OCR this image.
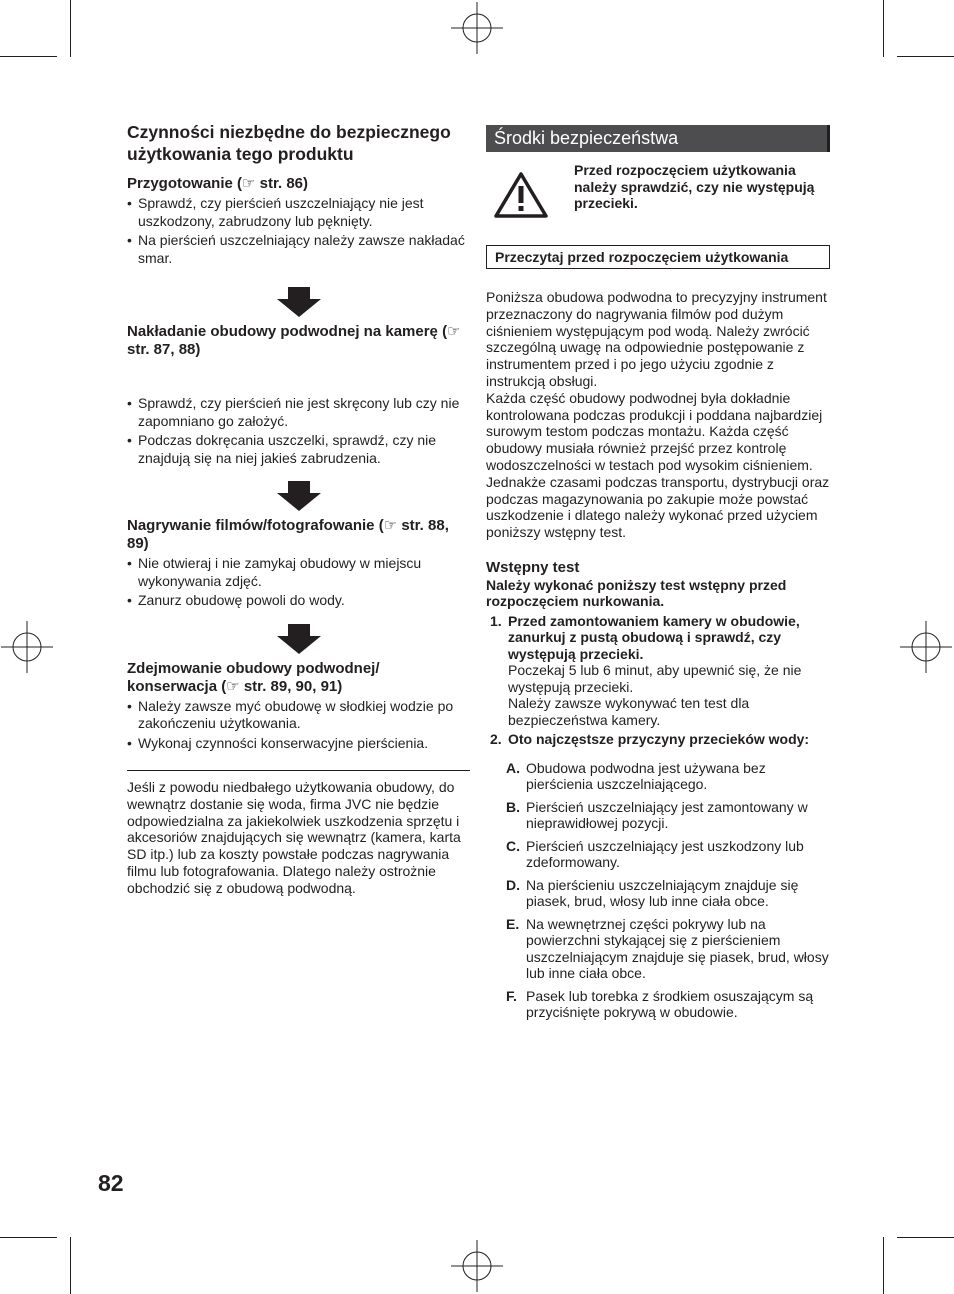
Czynności niezbędne do bezpiecznego użytkowania tego produktu
Przygotowanie (☞ str. 86)
• Sprawdź, czy pierścień uszczelniający nie jest uszkodzony, zabrudzony lub pęknięty.
• Na pierścień uszczelniający należy zawsze nakładać smar.
Nakładanie obudowy podwodnej na kamerę (☞ str. 87, 88)
• Sprawdź, czy pierścień nie jest skręcony lub czy nie zapomniano go założyć.
• Podczas dokręcania uszczelki, sprawdź, czy nie znajdują się na niej jakieś zabrudzenia.
Nagrywanie filmów/fotografowanie (☞ str. 88, 89)
• Nie otwieraj i nie zamykaj obudowy w miejscu wykonywania zdjęć.
• Zanurz obudowę powoli do wody.
Zdejmowanie obudowy podwodnej/ konserwacja (☞ str. 89, 90, 91)
• Należy zawsze myć obudowę w słodkiej wodzie po zakończeniu użytkowania.
• Wykonaj czynności konserwacyjne pierścienia.
Jeśli z powodu niedbałego użytkowania obudowy, do wewnątrz dostanie się woda, firma JVC nie będzie odpowiedzialna za jakiekolwiek uszkodzenia sprzętu i akcesoriów znajdujących się wewnątrz (kamera, karta SD itp.) lub za koszty powstałe podczas nagrywania filmu lub fotografowania. Dlatego należy ostrożnie obchodzić się z obudową podwodną.
Środki bezpieczeństwa
Przed rozpoczęciem użytkowania należy sprawdzić, czy nie występują przecieki.
Przeczytaj przed rozpoczęciem użytkowania
Poniższa obudowa podwodna to precyzyjny instrument przeznaczony do nagrywania filmów pod dużym ciśnieniem występującym pod wodą. Należy zwrócić szczególną uwagę na odpowiednie postępowanie z instrumentem przed i po jego użyciu zgodnie z instrukcją obsługi.
Każda część obudowy podwodnej była dokładnie kontrolowana podczas produkcji i poddana najbardziej surowym testom podczas montażu. Każda część obudowy musiała również przejść przez kontrolę wodoszczelności w testach pod wysokim ciśnieniem. Jednakże czasami podczas transportu, dystrybucji oraz podczas magazynowania po zakupie może powstać uszkodzenie i dlatego należy wykonać przed użyciem poniższy wstępny test.
Wstępny test
Należy wykonać poniższy test wstępny przed rozpoczęciem nurkowania.
1. Przed zamontowaniem kamery w obudowie, zanurkuj z pustą obudową i sprawdź, czy występują przecieki.
Poczekaj 5 lub 6 minut, aby upewnić się, że nie występują przecieki.
Należy zawsze wykonywać ten test dla bezpieczeństwa kamery.
2. Oto najczęstsze przyczyny przecieków wody:
A. Obudowa podwodna jest używana bez pierścienia uszczelniającego.
B. Pierścień uszczelniający jest zamontowany w nieprawidłowej pozycji.
C. Pierścień uszczelniający jest uszkodzony lub zdeformowany.
D. Na pierścieniu uszczelniającym znajduje się piasek, brud, włosy lub inne ciała obce.
E. Na wewnętrznej części pokrywy lub na powierzchni stykającej się z pierścieniem uszczelniającym znajduje się piasek, brud, włosy lub inne ciała obce.
F. Pasek lub torebka z środkiem osuszającym są przyciśnięte pokrywą w obudowie.
82
